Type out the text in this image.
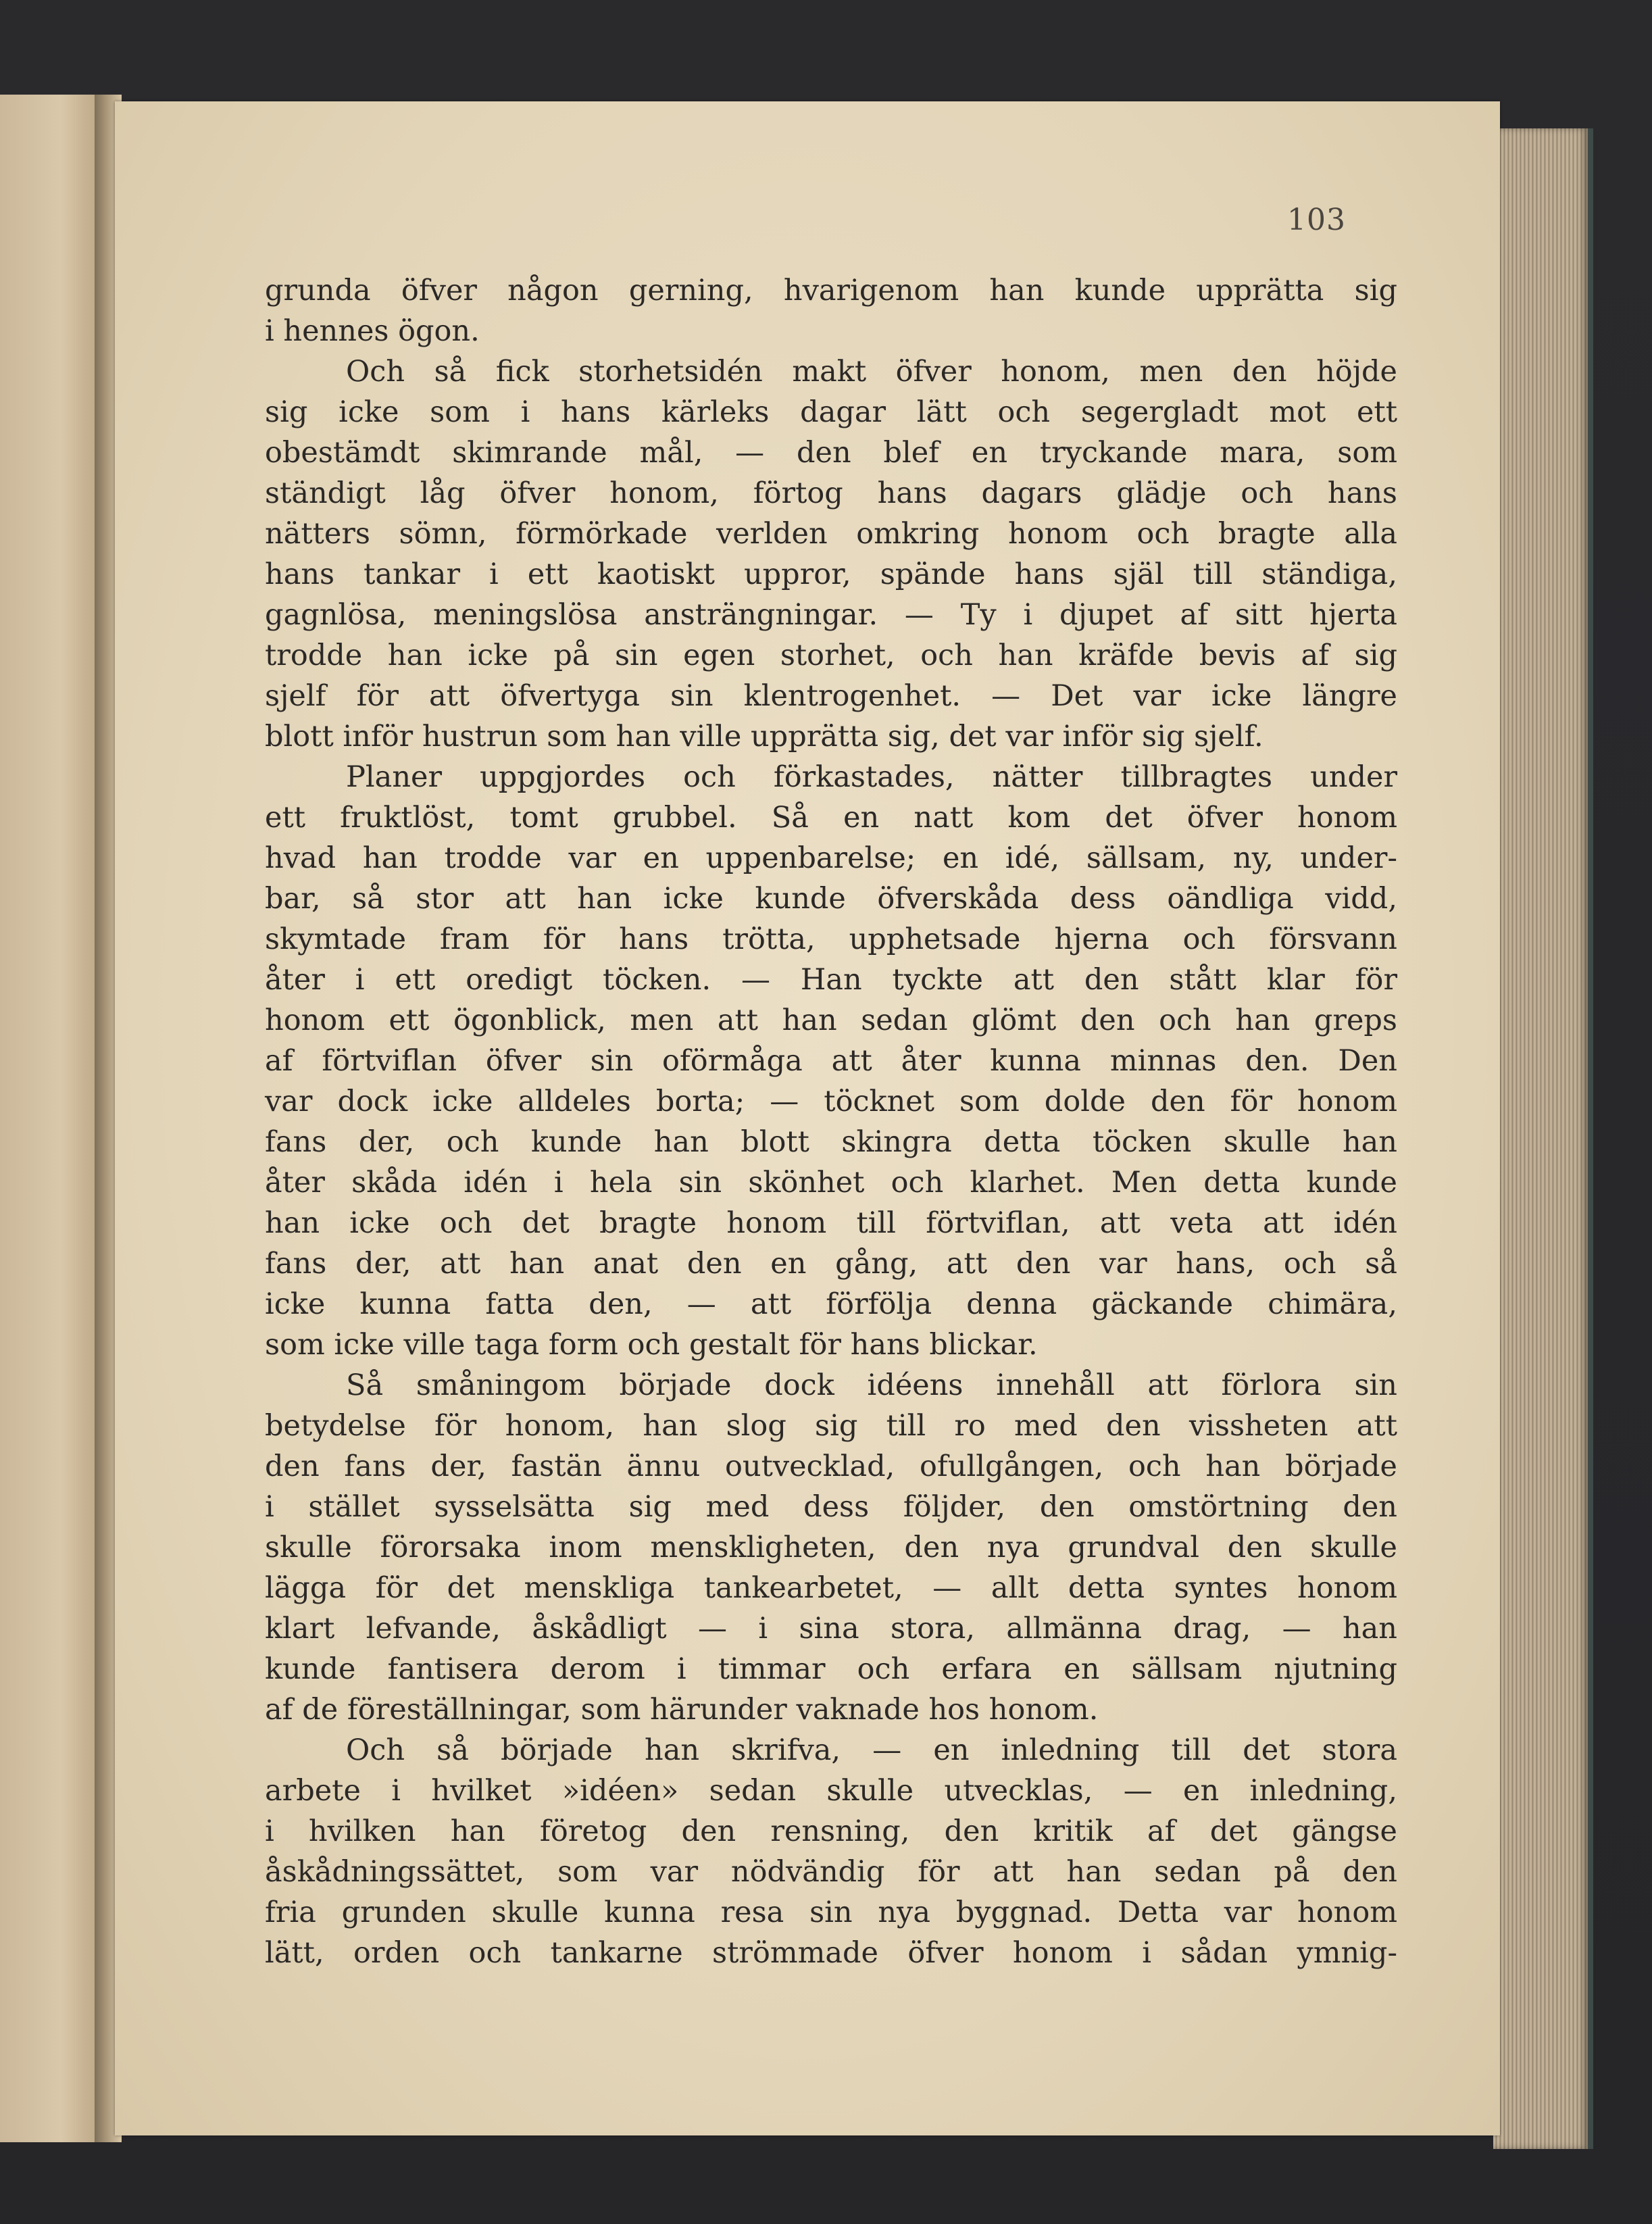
103
grunda öfver någon gerning, hvarigenom han kunde upprätta sig
i hennes ögon.
Och så fick storhetsidén makt öfver honom, men den höjde
sig icke som i hans kärleks dagar lätt och segergladt mot ett
obestämdt skimrande mål, — den blef en tryckande mara, som
ständigt låg öfver honom, förtog hans dagars glädje och hans
nätters sömn, förmörkade verlden omkring honom och bragte alla
hans tankar i ett kaotiskt uppror, spände hans själ till ständiga,
gagnlösa, meningslösa ansträngningar. — Ty i djupet af sitt hjerta
trodde han icke på sin egen storhet, och han kräfde bevis af sig
sjelf för att öfvertyga sin klentrogenhet. — Det var icke längre
blott inför hustrun som han ville upprätta sig, det var inför sig sjelf.
Planer uppgjordes och förkastades, nätter tillbragtes under
ett fruktlöst, tomt grubbel. Så en natt kom det öfver honom
hvad han trodde var en uppenbarelse; en idé, sällsam, ny, under-
bar, så stor att han icke kunde öfverskåda dess oändliga vidd,
skymtade fram för hans trötta, upphetsade hjerna och försvann
åter i ett oredigt töcken. — Han tyckte att den stått klar för
honom ett ögonblick, men att han sedan glömt den och han greps
af förtviflan öfver sin oförmåga att åter kunna minnas den. Den
var dock icke alldeles borta; — töcknet som dolde den för honom
fans der, och kunde han blott skingra detta töcken skulle han
åter skåda idén i hela sin skönhet och klarhet. Men detta kunde
han icke och det bragte honom till förtviflan, att veta att idén
fans der, att han anat den en gång, att den var hans, och så
icke kunna fatta den, — att förfölja denna gäckande chimära,
som icke ville taga form och gestalt för hans blickar.
Så småningom började dock idéens innehåll att förlora sin
betydelse för honom, han slog sig till ro med den vissheten att
den fans der, fastän ännu outvecklad, ofullgången, och han började
i stället sysselsätta sig med dess följder, den omstörtning den
skulle förorsaka inom menskligheten, den nya grundval den skulle
lägga för det menskliga tankearbetet, — allt detta syntes honom
klart lefvande, åskådligt — i sina stora, allmänna drag, — han
kunde fantisera derom i timmar och erfara en sällsam njutning
af de föreställningar, som härunder vaknade hos honom.
Och så började han skrifva, — en inledning till det stora
arbete i hvilket »idéen» sedan skulle utvecklas, — en inledning,
i hvilken han företog den rensning, den kritik af det gängse
åskådningssättet, som var nödvändig för att han sedan på den
fria grunden skulle kunna resa sin nya byggnad. Detta var honom
lätt, orden och tankarne strömmade öfver honom i sådan ymnig-
